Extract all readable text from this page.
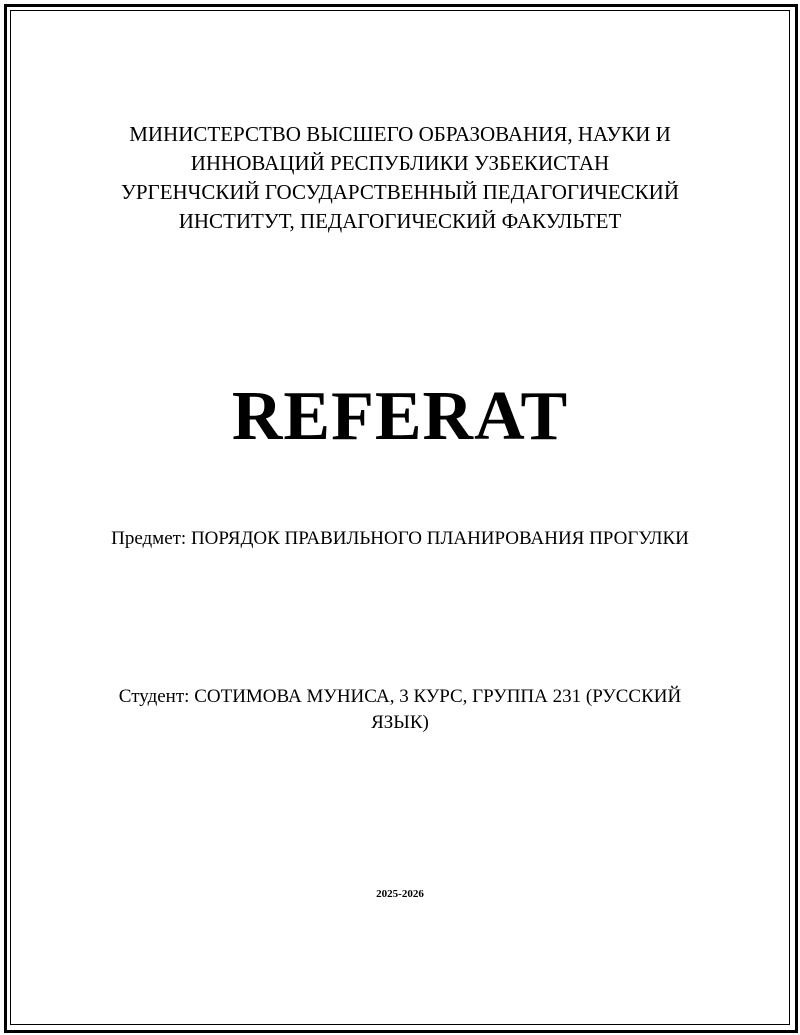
МИНИСТЕРСТВО ВЫСШЕГО ОБРАЗОВАНИЯ, НАУКИ И
ИННОВАЦИЙ РЕСПУБЛИКИ УЗБЕКИСТАН
УРГЕНЧСКИЙ ГОСУДАРСТВЕННЫЙ ПЕДАГОГИЧЕСКИЙ
ИНСТИТУТ, ПЕДАГОГИЧЕСКИЙ ФАКУЛЬТЕТ
REFERAT
Предмет: ПОРЯДОК ПРАВИЛЬНОГО ПЛАНИРОВАНИЯ ПРОГУЛКИ
Студент: СОТИМОВА МУНИСА, 3 КУРС, ГРУППА 231 (РУССКИЙ ЯЗЫК)
2025-2026
